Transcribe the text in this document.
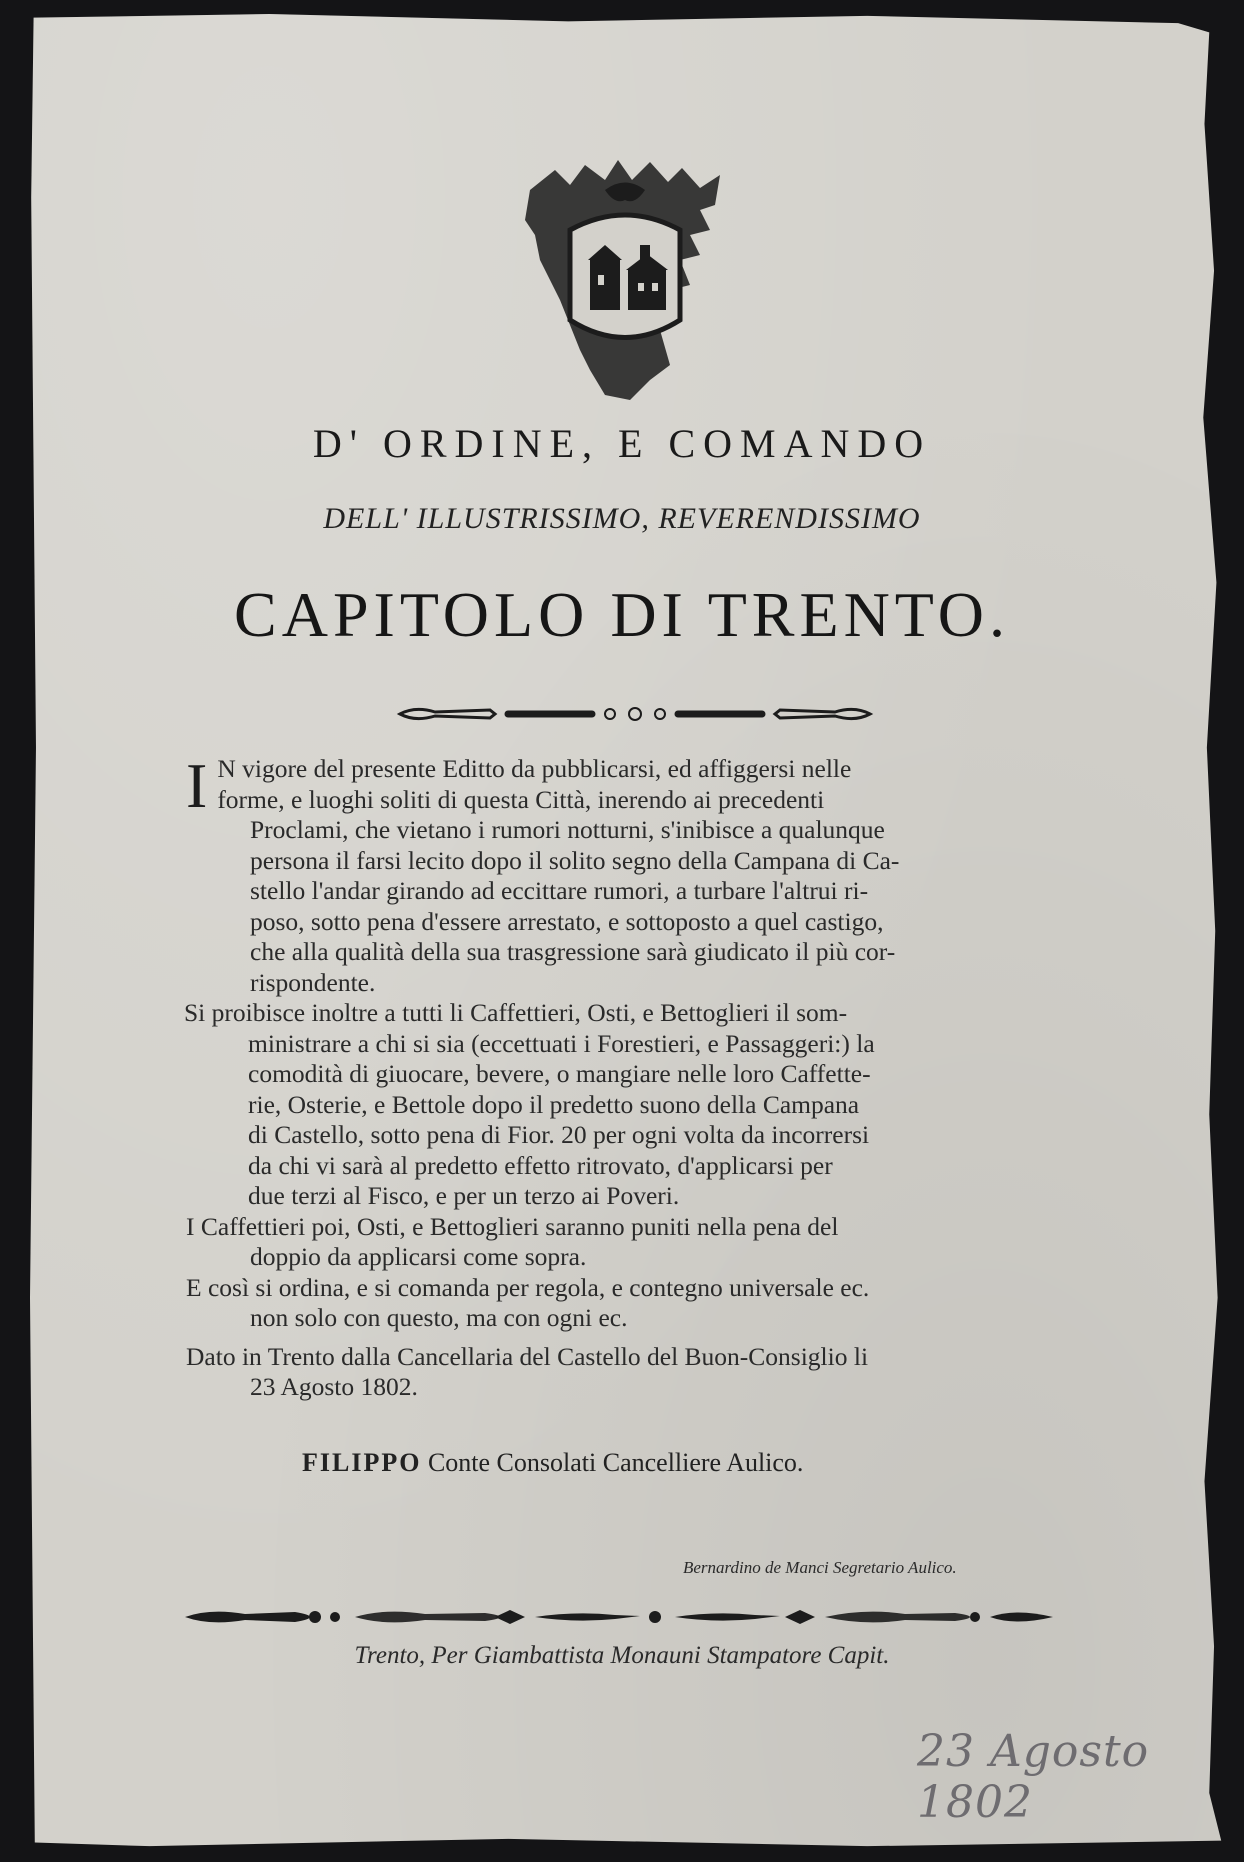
D' ORDINE, E COMANDO
DELL' ILLUSTRISSIMO, REVERENDISSIMO
CAPITOLO DI TRENTO.
I N vigore del presente Editto da pubblicarsi, ed affiggersi nelle
forme, e luoghi soliti di questa Città, inerendo ai precedenti
Proclami, che vietano i rumori notturni, s'inibisce a qualunque
persona il farsi lecito dopo il solito segno della Campana di Ca-
stello l'andar girando ad eccittare rumori, a turbare l'altrui ri-
poso, sotto pena d'essere arrestato, e sottoposto a quel castigo,
che alla qualità della sua trasgressione sarà giudicato il più cor-
rispondente.
Si proibisce inoltre a tutti li Caffettieri, Osti, e Bettoglieri il som-
ministrare a chi si sia (eccettuati i Forestieri, e Passaggeri:) la
comodità di giuocare, bevere, o mangiare nelle loro Caffette-
rie, Osterie, e Bettole dopo il predetto suono della Campana
di Castello, sotto pena di Fior. 20 per ogni volta da incorrersi
da chi vi sarà al predetto effetto ritrovato, d'applicarsi per
due terzi al Fisco, e per un terzo ai Poveri.
I Caffettieri poi, Osti, e Bettoglieri saranno puniti nella pena del
doppio da applicarsi come sopra.
E così si ordina, e si comanda per regola, e contegno universale ec.
non solo con questo, ma con ogni ec.
Dato in Trento dalla Cancellaria del Castello del Buon-Consiglio li
23 Agosto 1802.
FILIPPO Conte Consolati Cancelliere Aulico.
Bernardino de Manci Segretario Aulico.
Trento, Per Giambattista Monauni Stampatore Capit.
23 Agosto 1802
